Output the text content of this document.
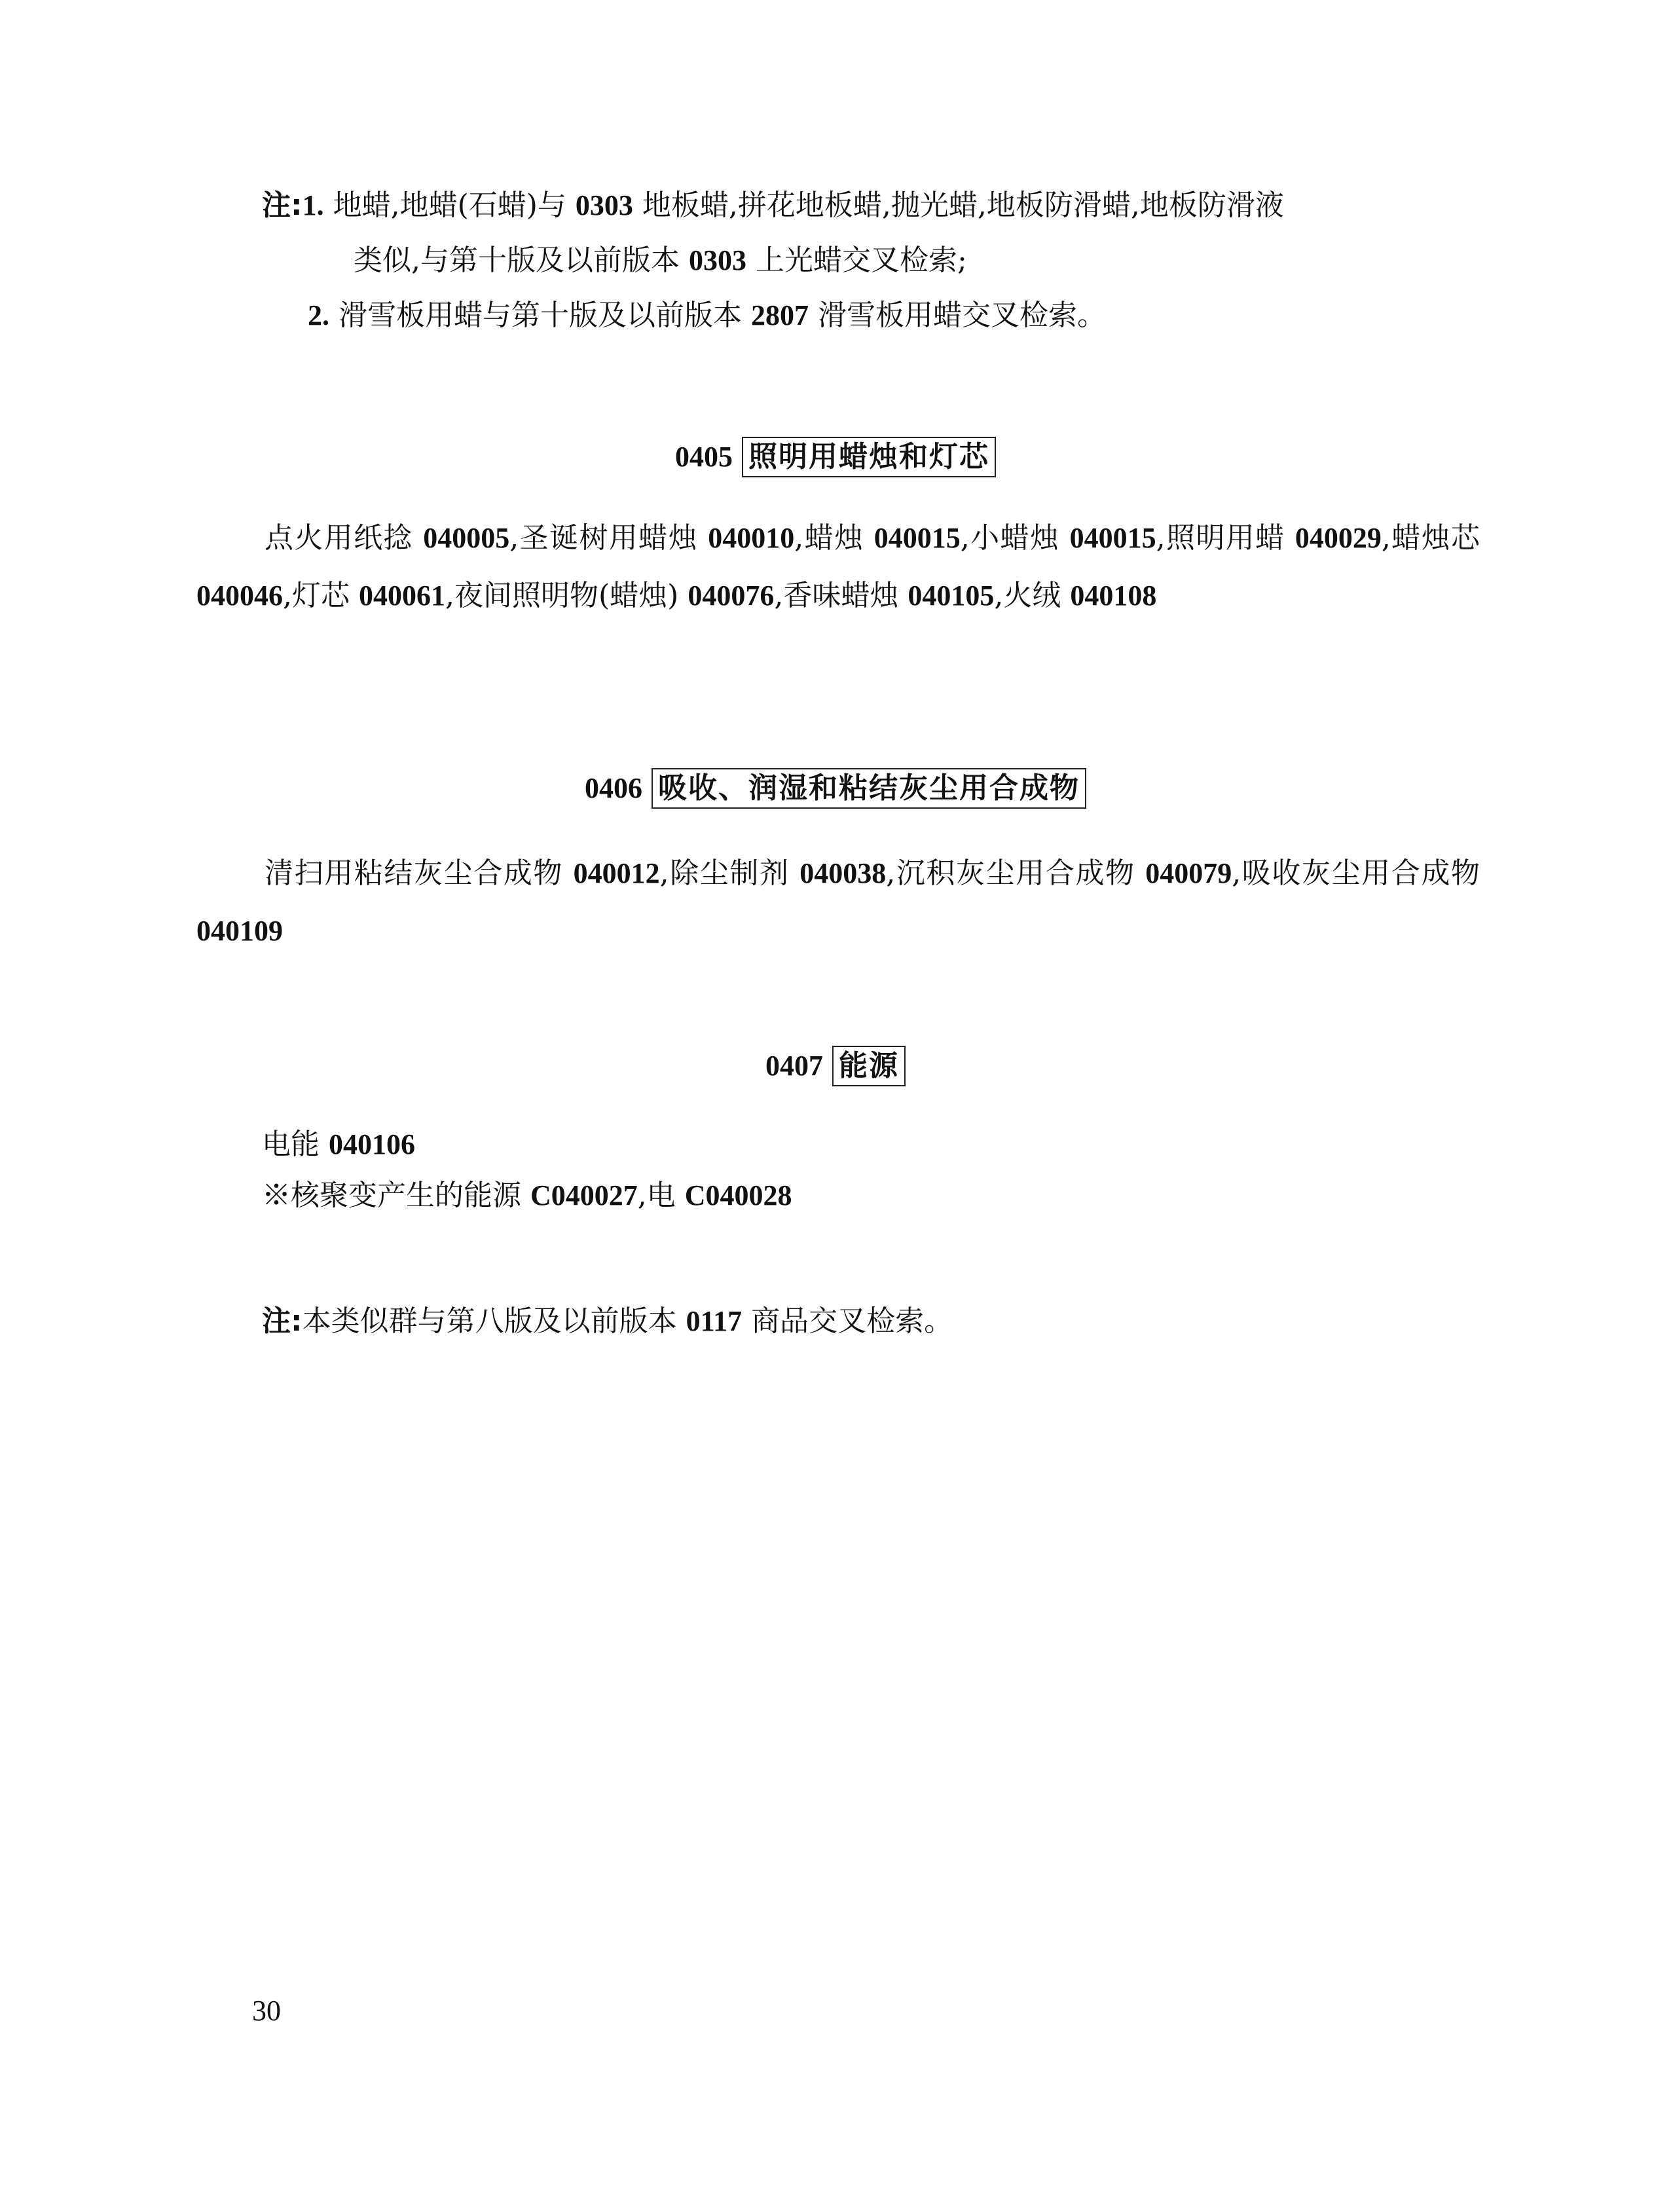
注:1. 地蜡,地蜡(石蜡)与 0303 地板蜡,拼花地板蜡,抛光蜡,地板防滑蜡,地板防滑液
类似,与第十版及以前版本 0303 上光蜡交叉检索;
2. 滑雪板用蜡与第十版及以前版本 2807 滑雪板用蜡交叉检索。
0405 照明用蜡烛和灯芯

点火用纸捻 040005,圣诞树用蜡烛 040010,蜡烛 040015,小蜡烛 040015,照明用蜡 040029,蜡烛芯 040046,灯芯 040061,夜间照明物(蜡烛) 040076,香味蜡烛 040105,火绒 040108

0406 吸收、润湿和粘结灰尘用合成物

清扫用粘结灰尘合成物 040012,除尘制剂 040038,沉积灰尘用合成物 040079,吸收灰尘用合成物 040109

0407 能源
电能 040106
※核聚变产生的能源 C040027,电 C040028
注:本类似群与第八版及以前版本 0117 商品交叉检索。
30
